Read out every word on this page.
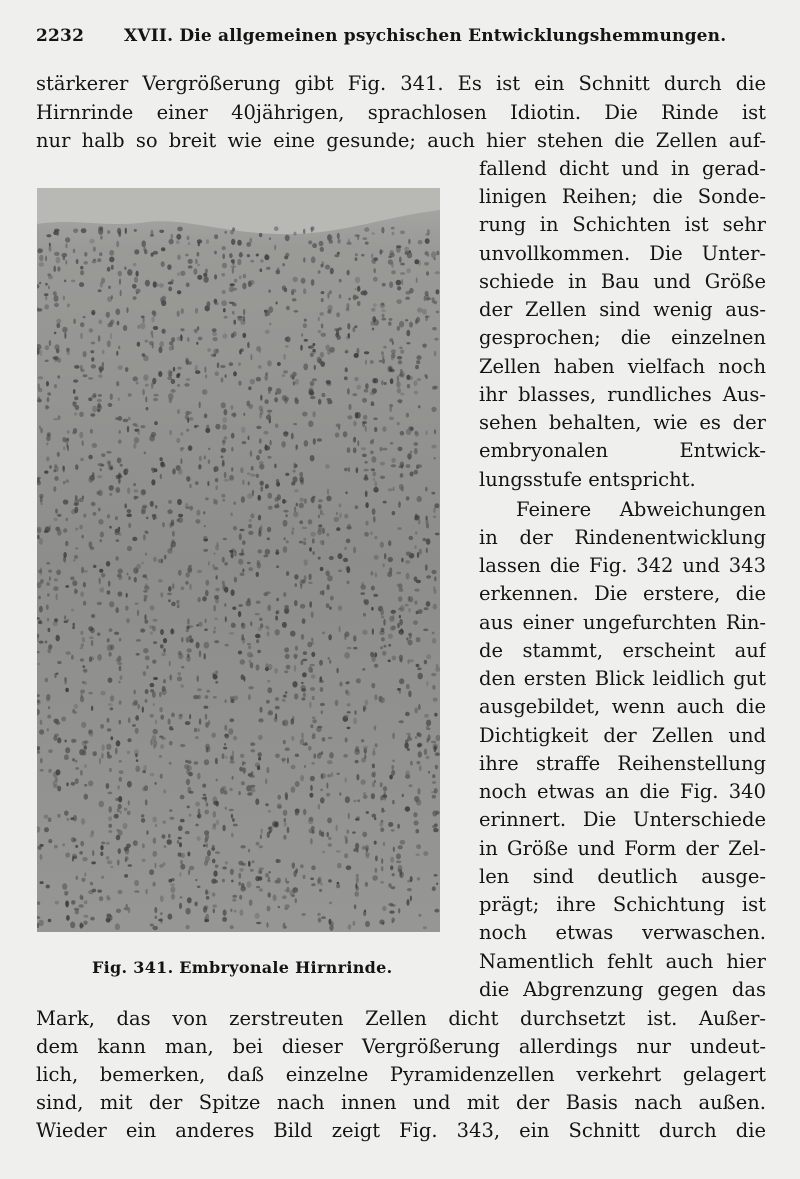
2232 XVII. Die allgemeinen psychischen Entwicklungshemmungen.
stärkerer Vergrößerung gibt Fig. 341. Es ist ein Schnitt durch die
Hirnrinde einer 40jährigen, sprachlosen Idiotin. Die Rinde ist
nur halb so breit wie eine gesunde; auch hier stehen die Zellen auf-
fallend dicht und in gerad-
linigen Reihen; die Sonde-
rung in Schichten ist sehr
unvollkommen. Die Unter-
schiede in Bau und Größe
der Zellen sind wenig aus-
gesprochen; die einzelnen
Zellen haben vielfach noch
ihr blasses, rundliches Aus-
sehen behalten, wie es der
embryonalen Entwick-
lungsstufe entspricht.
Feinere Abweichungen
in der Rindenentwicklung
lassen die Fig. 342 und 343
erkennen. Die erstere, die
aus einer ungefurchten Rin-
de stammt, erscheint auf
den ersten Blick leidlich gut
ausgebildet, wenn auch die
Dichtigkeit der Zellen und
ihre straffe Reihenstellung
noch etwas an die Fig. 340
erinnert. Die Unterschiede
in Größe und Form der Zel-
len sind deutlich ausge-
prägt; ihre Schichtung ist
noch etwas verwaschen.
Namentlich fehlt auch hier
die Abgrenzung gegen das
Mark, das von zerstreuten Zellen dicht durchsetzt ist. Außer-
dem kann man, bei dieser Vergrößerung allerdings nur undeut-
lich, bemerken, daß einzelne Pyramidenzellen verkehrt gelagert
sind, mit der Spitze nach innen und mit der Basis nach außen.
Wieder ein anderes Bild zeigt Fig. 343, ein Schnitt durch die
Fig. 341. Embryonale Hirnrinde.
